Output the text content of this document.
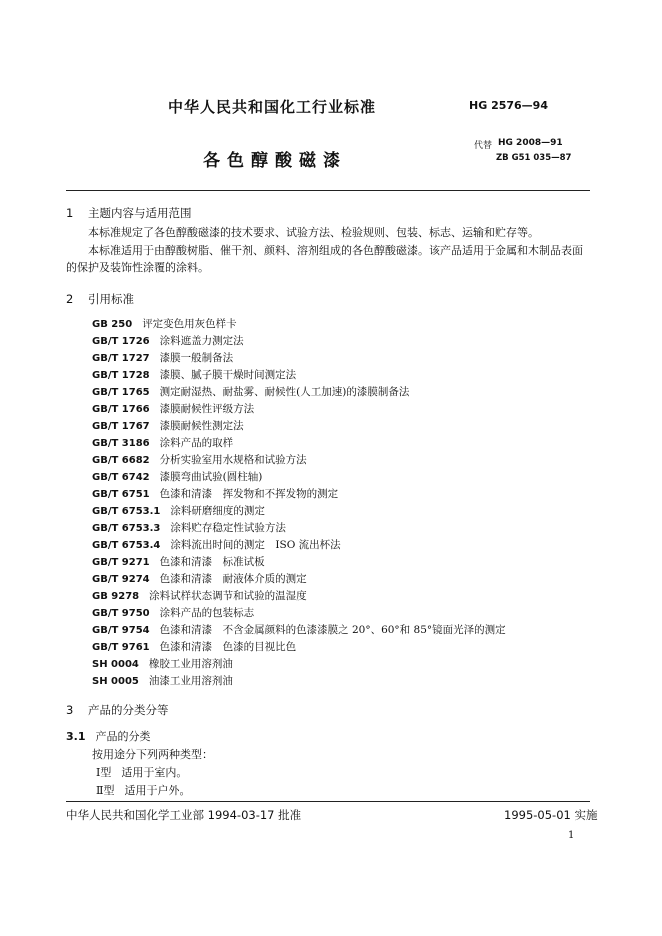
中华人民共和国化工行业标准	HG 2576—94
各色醇酸磁漆
代替 HG 2008—91
ZB G51 035—87
1 主题内容与适用范围

本标准规定了各色醇酸磁漆的技术要求、试验方法、检验规则、包装、标志、运输和贮存等。

本标准适用于由醇酸树脂、催干剂、颜料、溶剂组成的各色醇酸磁漆。该产品适用于金属和木制品表面的保护及装饰性涂覆的涂料。

2 引用标准
GB 250 评定变色用灰色样卡
GB/T 1726 涂料遮盖力测定法
GB/T 1727 漆膜一般制备法
GB/T 1728 漆膜、腻子膜干燥时间测定法
GB/T 1765 测定耐湿热、耐盐雾、耐候性(人工加速)的漆膜制备法
GB/T 1766 漆膜耐候性评级方法
GB/T 1767 漆膜耐候性测定法
GB/T 3186 涂料产品的取样
GB/T 6682 分析实验室用水规格和试验方法
GB/T 6742 漆膜弯曲试验(圆柱轴)
GB/T 6751 色漆和清漆　挥发物和不挥发物的测定
GB/T 6753.1 涂料研磨细度的测定
GB/T 6753.3 涂料贮存稳定性试验方法
GB/T 6753.4 涂料流出时间的测定　ISO 流出杯法
GB/T 9271 色漆和清漆　标准试板
GB/T 9274 色漆和清漆　耐液体介质的测定
GB 9278 涂料试样状态调节和试验的温湿度
GB/T 9750 涂料产品的包装标志
GB/T 9754 色漆和清漆　不含金属颜料的色漆漆膜之 20°、60°和 85°镜面光泽的测定
GB/T 9761 色漆和清漆　色漆的目视比色
SH 0004 橡胶工业用溶剂油
SH 0005 油漆工业用溶剂油
3 产品的分类分等
3.1 产品的分类
按用途分下列两种类型：
Ⅰ型 适用于室内。
Ⅱ型 适用于户外。
中华人民共和国化学工业部 1994-03-17 批准	1995-05-01 实施
1
